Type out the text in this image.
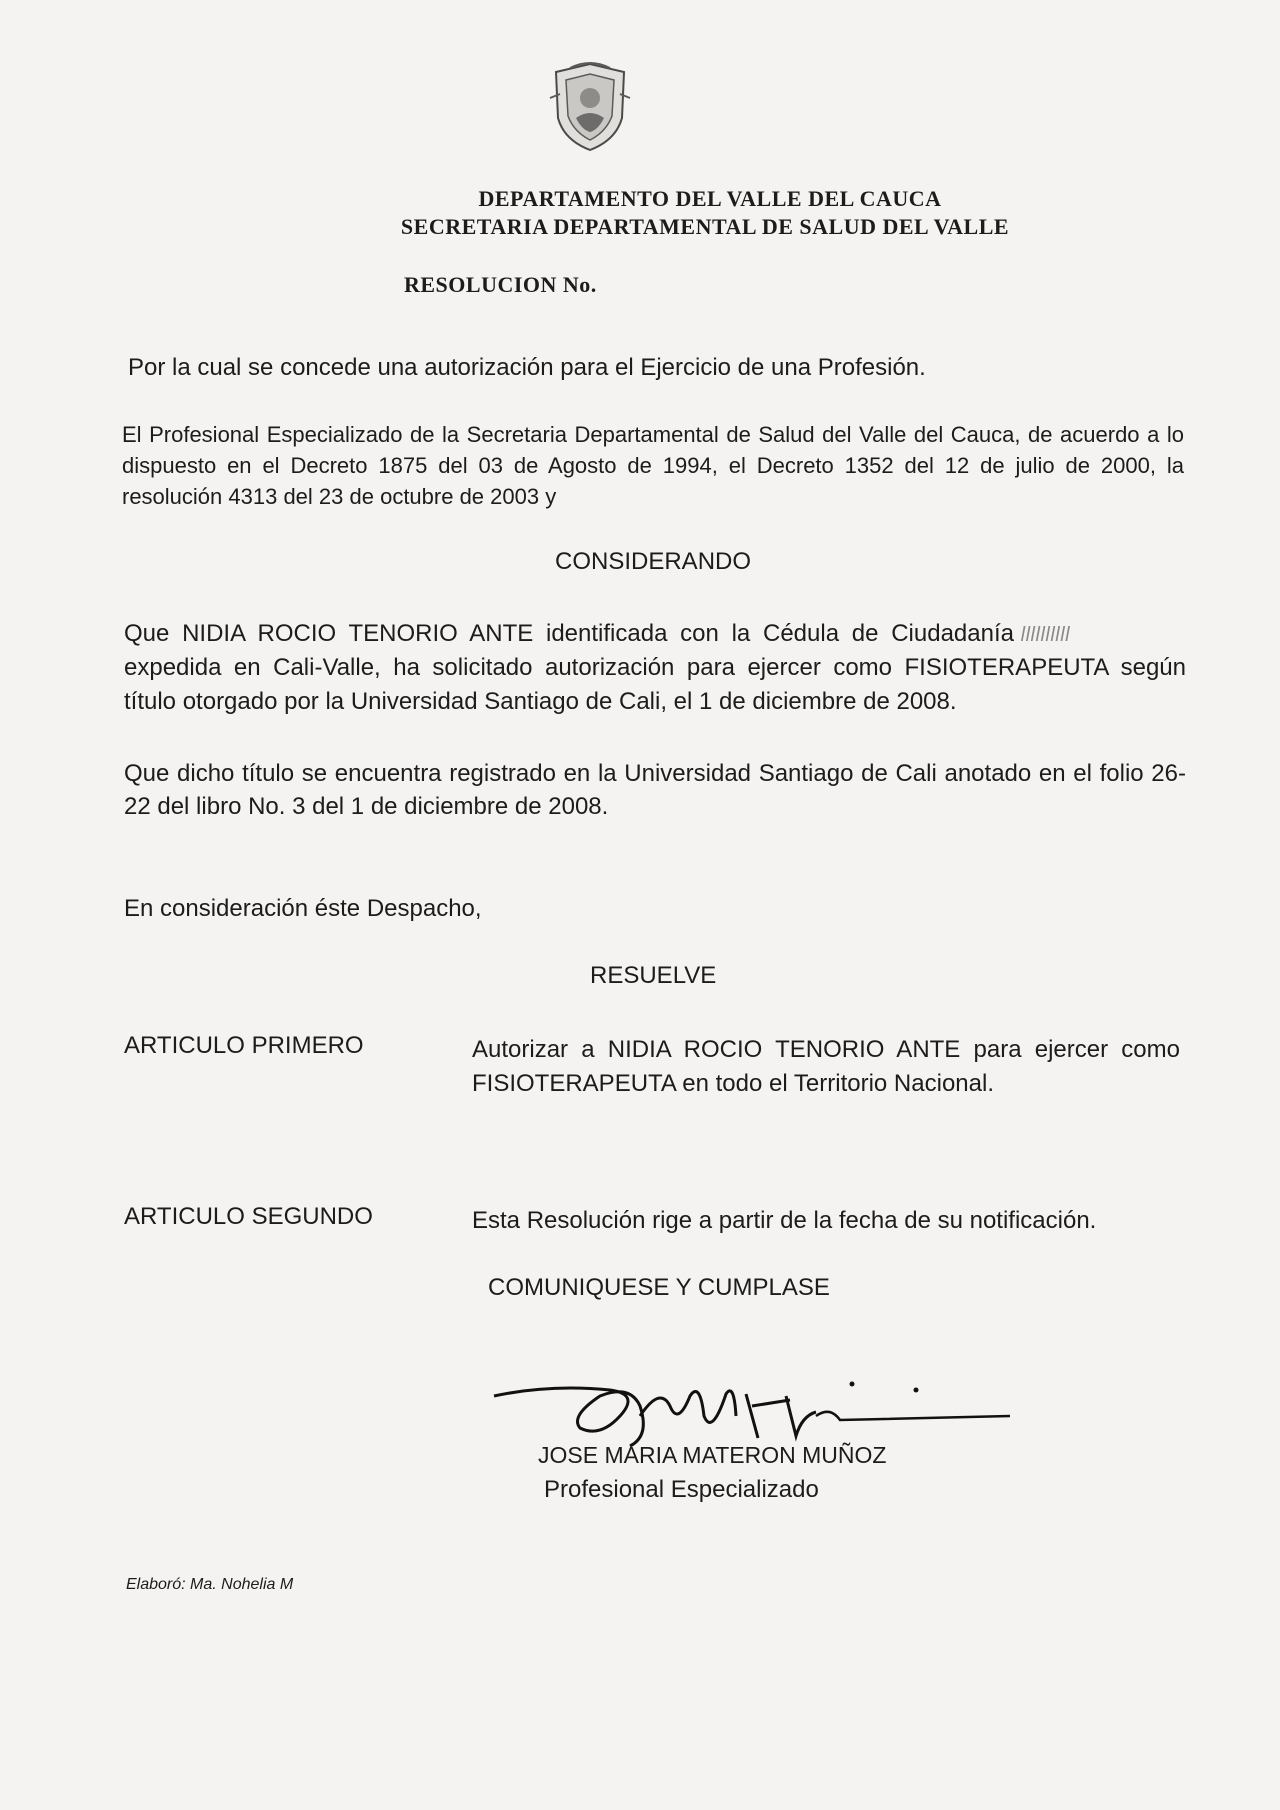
DEPARTAMENTO DEL VALLE DEL CAUCA
SECRETARIA DEPARTAMENTAL DE SALUD DEL VALLE
RESOLUCION No.
Por la cual se concede una autorización para el Ejercicio de una Profesión.
El Profesional Especializado de la Secretaria Departamental de Salud del Valle del Cauca, de acuerdo a lo
dispuesto en el Decreto 1875 del 03 de Agosto de 1994, el Decreto 1352 del 12 de julio de 2000, la
resolución 4313 del 23 de octubre de 2003 y
CONSIDERANDO
Que NIDIA ROCIO TENORIO ANTE identificada con la Cédula de Ciudadanía llllllllll
expedida en Cali-Valle, ha solicitado autorización para ejercer como FISIOTERAPEUTA según
título otorgado por la Universidad Santiago de Cali, el 1 de diciembre de 2008.
Que dicho título se encuentra registrado en la Universidad Santiago de Cali anotado en el folio 26-
22 del libro No. 3 del 1 de diciembre de 2008.
En consideración éste Despacho,
RESUELVE
ARTICULO PRIMERO	Autorizar a NIDIA ROCIO TENORIO ANTE para ejercer como
FISIOTERAPEUTA en todo el Territorio Nacional.
ARTICULO SEGUNDO	Esta Resolución rige a partir de la fecha de su notificación.
COMUNIQUESE Y CUMPLASE
JOSE MARIA MATERON MUÑOZ
Profesional Especializado
Elaboró: Ma. Nohelia M
